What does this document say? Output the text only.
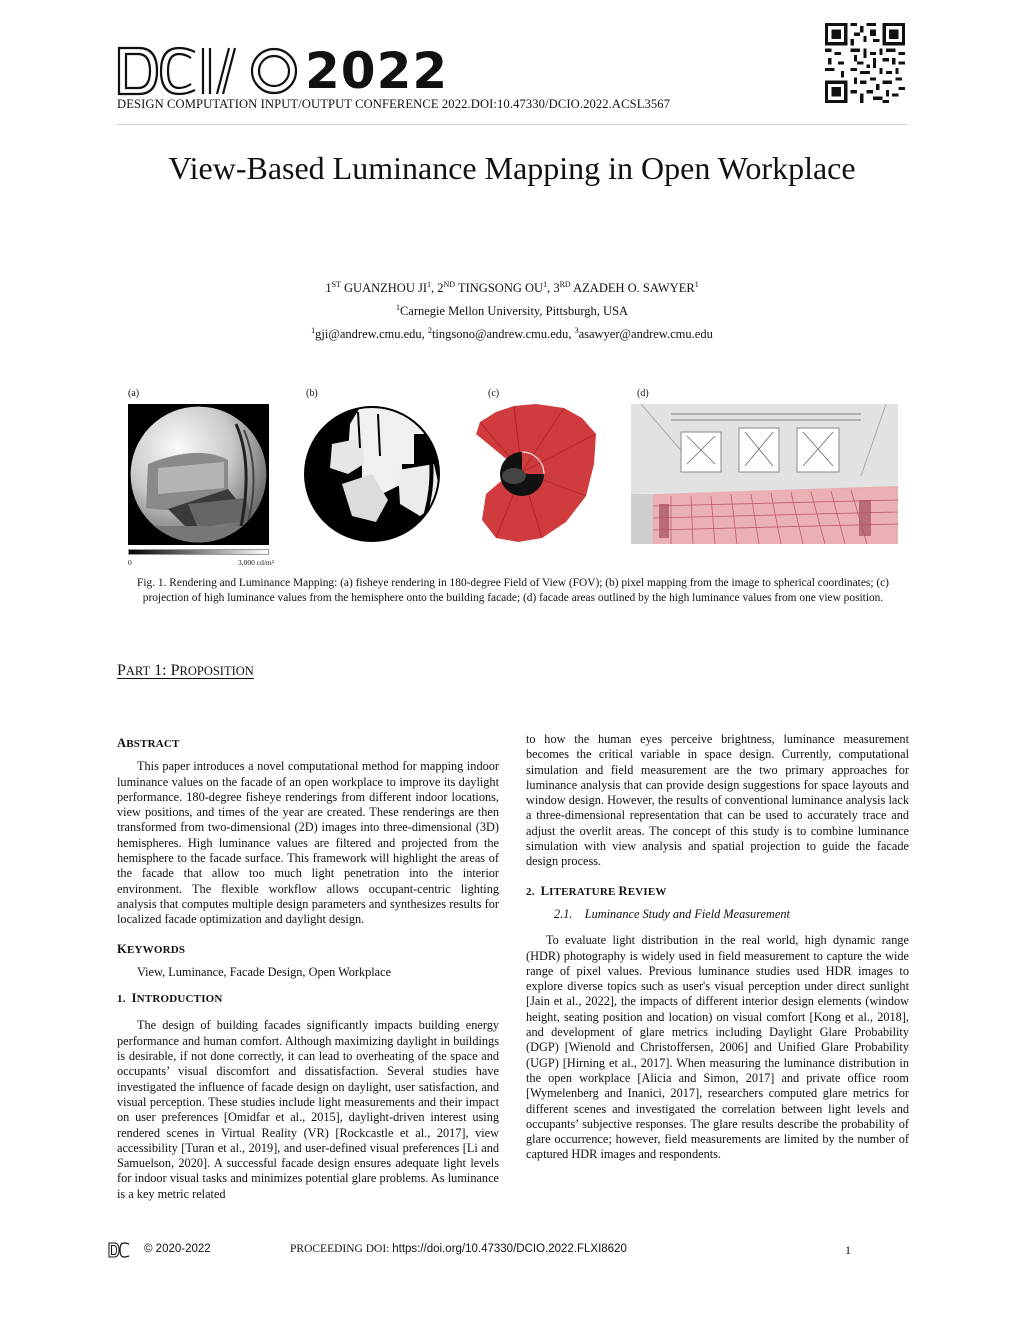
2022
DESIGN COMPUTATION INPUT/OUTPUT CONFERENCE 2022.DOI:10.47330/DCIO.2022.ACSL3567
View-Based Luminance Mapping in Open Workplace
1ST GUANZHOU $JI^1$, 2ND TINGSONG $OU^1$, 3RD AZADEH O. SAWYER$^1$
$^1$Carnegie Mellon University, Pittsburgh, USA
$^1$gji@andrew.cmu.edu, $^2$tingsono@andrew.cmu.edu, $^3$asawyer@andrew.cmu.edu
(a)	(b)	(c)	(d)
0	3,000 cd/m²

Fig. 1. Rendering and Luminance Mapping: (a) fisheye rendering in 180-degree Field of View (FOV); (b) pixel mapping from the image to spherical coordinates; (c) projection of high luminance values from the hemisphere onto the building facade; (d) facade areas outlined by the high luminance values from one view position.

PART 1: PROPOSITION
ABSTRACT

This paper introduces a novel computational method for mapping indoor luminance values on the facade of an open workplace to improve its daylight performance. 180-degree fisheye renderings from different indoor locations, view positions, and times of the year are created. These renderings are then transformed from two-dimensional (2D) images into three-dimensional (3D) hemispheres. High luminance values are filtered and projected from the hemisphere to the facade surface. This framework will highlight the areas of the facade that allow too much light penetration into the interior environment. The flexible workflow allows occupant-centric lighting analysis that computes multiple design parameters and synthesizes results for localized facade optimization and daylight design.

KEYWORDS

View, Luminance, Facade Design, Open Workplace

1.  INTRODUCTION

The design of building facades significantly impacts building energy performance and human comfort. Although maximizing daylight in buildings is desirable, if not done correctly, it can lead to overheating of the space and occupants’ visual discomfort and dissatisfaction. Several studies have investigated the influence of facade design on daylight, user satisfaction, and visual perception. These studies include light measurements and their impact on user preferences [Omidfar et al., 2015], daylight-driven interest using rendered scenes in Virtual Reality (VR) [Rockcastle et al., 2017], view accessibility [Turan et al., 2019], and user-defined visual preferences [Li and Samuelson, 2020]. A successful facade design ensures adequate light levels for indoor visual tasks and minimizes potential glare problems. As luminance is a key metric related

to how the human eyes perceive brightness, luminance measurement becomes the critical variable in space design. Currently, computational simulation and field measurement are the two primary approaches for luminance analysis that can provide design suggestions for space layouts and window design. However, the results of conventional luminance analysis lack a three-dimensional representation that can be used to accurately trace and adjust the overlit areas. The concept of this study is to combine luminance simulation with view analysis and spatial projection to guide the facade design process.

2.  LITERATURE REVIEW
2.1. Luminance Study and Field Measurement

To evaluate light distribution in the real world, high dynamic range (HDR) photography is widely used in field measurement to capture the wide range of pixel values. Previous luminance studies used HDR images to explore diverse topics such as user's visual perception under direct sunlight [Jain et al., 2022], the impacts of different interior design elements (window height, seating position and location) on visual comfort [Kong et al., 2018], and development of glare metrics including Daylight Glare Probability (DGP) [Wienold and Christoffersen, 2006] and Unified Glare Probability (UGP) [Hirning et al., 2017]. When measuring the luminance distribution in the open workplace [Alicia and Simon, 2017] and private office room [Wymelenberg and Inanici, 2017], researchers computed glare metrics for different scenes and investigated the correlation between light levels and occupants’ subjective responses. The glare results describe the probability of glare occurrence; however, field measurements are limited by the number of captured HDR images and respondents.

© 2020-2022	PROCEEDING DOI: https://doi.org/10.47330/DCIO.2022.FLXI8620	1
